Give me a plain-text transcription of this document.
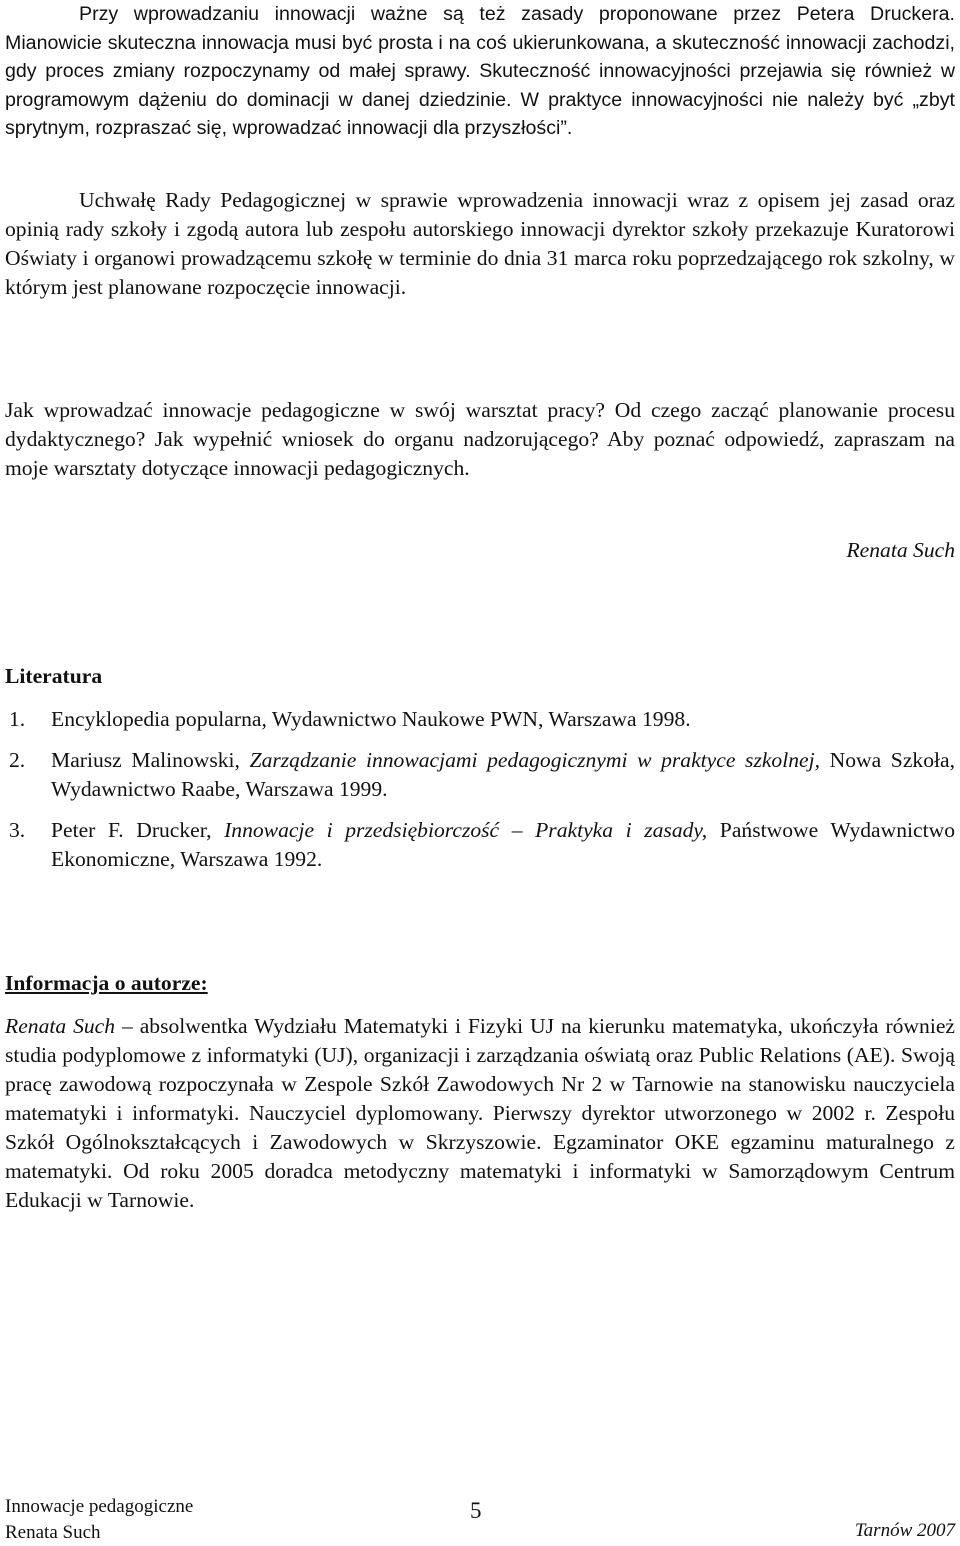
Przy wprowadzaniu innowacji ważne są też zasady proponowane przez Petera Druckera. Mianowicie skuteczna innowacja musi być prosta i na coś ukierunkowana, a skuteczność innowacji zachodzi, gdy proces zmiany rozpoczynamy od małej sprawy. Skuteczność innowacyjności przejawia się również w programowym dążeniu do dominacji w danej dziedzinie. W praktyce innowacyjności nie należy być „zbyt sprytnym, rozpraszać się, wprowadzać innowacji dla przyszłości”.

Uchwałę Rady Pedagogicznej w sprawie wprowadzenia innowacji wraz z opisem jej zasad oraz opinią rady szkoły i zgodą autora lub zespołu autorskiego innowacji dyrektor szkoły przekazuje Kuratorowi Oświaty i organowi prowadzącemu szkołę w terminie do dnia 31 marca roku poprzedzającego rok szkolny, w którym jest planowane rozpoczęcie innowacji.

Jak wprowadzać innowacje pedagogiczne w swój warsztat pracy? Od czego zacząć planowanie procesu dydaktycznego? Jak wypełnić wniosek do organu nadzorującego? Aby poznać odpowiedź, zapraszam na moje warsztaty dotyczące innowacji pedagogicznych.

Renata Such

Literatura
1. Encyklopedia popularna, Wydawnictwo Naukowe PWN, Warszawa 1998.
2. Mariusz Malinowski, Zarządzanie innowacjami pedagogicznymi w praktyce szkolnej, Nowa Szkoła, Wydawnictwo Raabe, Warszawa 1999.
3. Peter F. Drucker, Innowacje i przedsiębiorczość – Praktyka i zasady, Państwowe Wydawnictwo Ekonomiczne, Warszawa 1992.
Informacja o autorze:

Renata Such – absolwentka Wydziału Matematyki i Fizyki UJ na kierunku matematyka, ukończyła również studia podyplomowe z informatyki (UJ), organizacji i zarządzania oświatą oraz Public Relations (AE). Swoją pracę zawodową rozpoczynała w Zespole Szkół Zawodowych Nr 2 w Tarnowie na stanowisku nauczyciela matematyki i informatyki. Nauczyciel dyplomowany. Pierwszy dyrektor utworzonego w 2002 r. Zespołu Szkół Ogólnokształcących i Zawodowych w Skrzyszowie. Egzaminator OKE egzaminu maturalnego z matematyki. Od roku 2005 doradca metodyczny matematyki i informatyki w Samorządowym Centrum Edukacji w Tarnowie.

Innowacje pedagogiczne
Renata Such
5
Tarnów 2007
